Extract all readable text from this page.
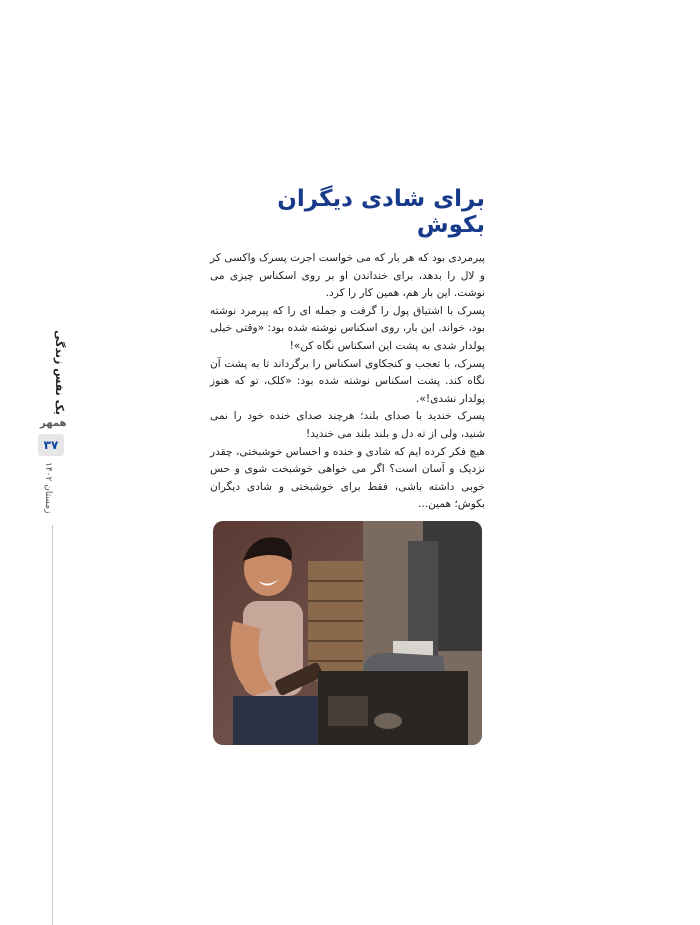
یک نفس زندگی
همهر
۳۷
زمستان ۱۴۰۲
برای شادی دیگران بکوش

پیرمردی بود که هر بار که می خواست اجرت پسرک واکسی کر و لال را بدهد، برای خنداندن او بر روی اسکناس چیزی می نوشت. این بار هم، همین کار را کرد.

پسرک با اشتیاق پول را گرفت و جمله ای را که پیرمرد نوشته بود، خواند. این بار، روی اسکناس نوشته شده بود: «وقتی خیلی پولدار شدی به پشت این اسکناس نگاه کن»!

پسرک، با تعجب و کنجکاوی اسکناس را برگرداند تا به پشت آن نگاه کند. پشت اسکناس نوشته شده بود: «کلک، تو که هنوز پولدار نشدی!».

پسرک خندید با صدای بلند؛ هرچند صدای خنده خود را نمی شنید، ولی از ته دل و بلند بلند می خندید!

هیچ فکر کرده ایم که شادی و خنده و احساس خوشبختی، چقدر نزدیک و آسان است؟ اگر می خواهی خوشبخت شوی و حس خوبی داشته باشی، فقط برای خوشبختی و شادی دیگران بکوش؛ همین...
